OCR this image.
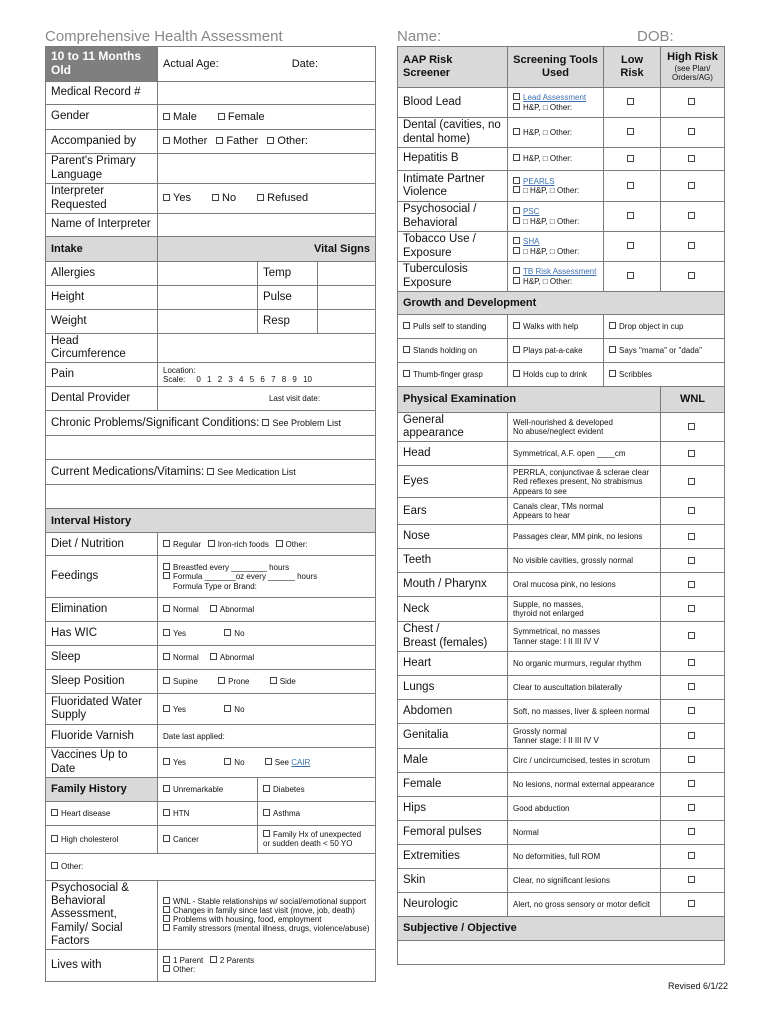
Comprehensive Health Assessment	Name:	DOB:
10 to 11 Months Old	Actual Age: Date:		
Medical Record #			
Gender	Male Female		
Accompanied by	Mother Father Other:		
Parent's Primary Language			
Interpreter Requested	Yes No Refused		
Name of Interpreter			
Intake	Vital Signs		
Allergies		Temp	
Height		Pulse	
Weight		Resp	
Head Circumference			
Pain	Location:
Scale: 0 1 2 3 4 5 6 7 8 9 10		

Dental Provider	Last visit date:		
Chronic Problems/Significant Conditions: See Problem List			

Current Medications/Vitamins: See Medication List			

Interval History			
Diet / Nutrition	Regular Iron-rich foods Other:		
Feedings	Breastfed every ________ hours
Formula _______oz every ______ hours
Formula Type or Brand:		

Elimination	Normal Abnormal		
Has WIC	Yes No		
Sleep	Normal Abnormal		
Sleep Position	Supine Prone Side		
Fluoridated Water Supply	Yes No		
Fluoride Varnish	Date last applied:		
Vaccines Up to Date	Yes No See CAIR		
Family History	Unremarkable	Diabetes	
Heart disease	HTN	Asthma	
High cholesterol	Cancer	Family Hx of unexpected or sudden death < 50 YO	
Other:			
Psychosocial & Behavioral Assessment, Family/ Social Factors	WNL - Stable relationships w/ social/emotional support
Changes in family since last visit (move, job, death)
Problems with housing, food, employment
Family stressors (mental illness, drugs, violence/abuse)		

Lives with	1 Parent 2 Parents
Other:		
AAP Risk Screener	Screening Tools Used	Low Risk	High Risk
(see Plan/ Orders/AG)

Blood Lead	Lead Assessment
H&P, □ Other:		

Dental (cavities, no dental home)	H&P, □ Other:		

Hepatitis B	H&P, □ Other:		

Intimate Partner Violence	PEARLS
□ H&P, □ Other:		

Psychosocial / Behavioral	PSC
□ H&P, □ Other:		

Tobacco Use / Exposure	SHA
□ H&P, □ Other:		

Tuberculosis Exposure	TB Risk Assessment
H&P, □ Other:		

Growth and Development			
Pulls self to standing	Walks with help	Drop object in cup	
Stands holding on	Plays pat-a-cake	Says "mama" or "dada"	
Thumb-finger grasp	Holds cup to drink	Scribbles	
Physical Examination			WNL
General appearance	Well-nourished & developed
No abuse/neglect evident		
Head	Symmetrical, A.F. open ____cm		
Eyes	PERRLA, conjunctivae & sclerae clear
Red reflexes present, No strabismus
Appears to see		
Ears	Canals clear, TMs normal
Appears to hear		
Nose	Passages clear, MM pink, no lesions		
Teeth	No visible cavities, grossly normal		
Mouth / Pharynx	Oral mucosa pink, no lesions		
Neck	Supple, no masses,
thyroid not enlarged		
Chest /
Breast (females)	Symmetrical, no masses
Tanner stage: I II III IV V		
Heart	No organic murmurs, regular rhythm		
Lungs	Clear to auscultation bilaterally		
Abdomen	Soft, no masses, liver & spleen normal		
Genitalia	Grossly normal
Tanner stage: I II III IV V		
Male	Circ / uncircumcised, testes in scrotum		
Female	No lesions, normal external appearance		
Hips	Good abduction		
Femoral pulses	Normal		
Extremities	No deformities, full ROM		
Skin	Clear, no significant lesions		
Neurologic	Alert, no gross sensory or motor deficit		
Subjective / Objective			

Revised 6/1/22
